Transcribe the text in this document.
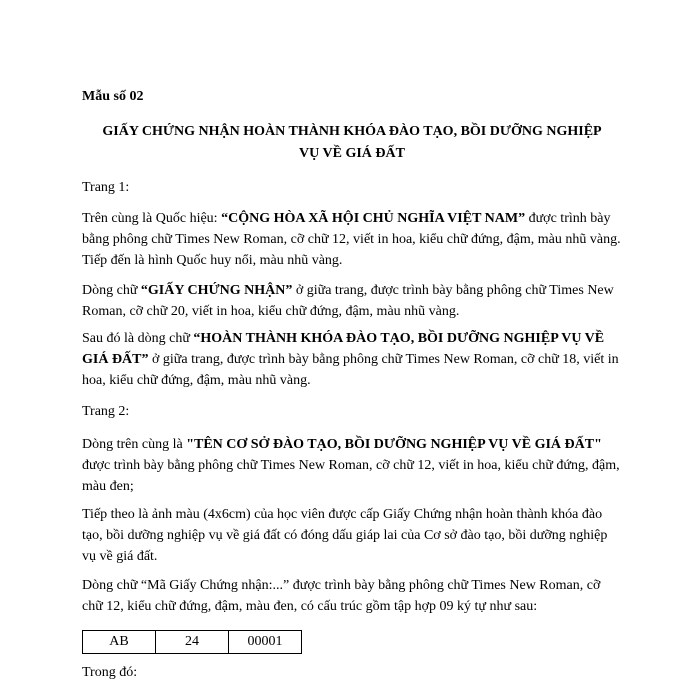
Mẫu số 02
GIẤY CHỨNG NHẬN HOÀN THÀNH KHÓA ĐÀO TẠO, BỒI DƯỠNG NGHIỆP
VỤ VỀ GIÁ ĐẤT

Trang 1:

Trên cùng là Quốc hiệu: “CỘNG HÒA XÃ HỘI CHỦ NGHĨA VIỆT NAM” được trình bày bằng phông chữ Times New Roman, cỡ chữ 12, viết in hoa, kiểu chữ đứng, đậm, màu nhũ vàng. Tiếp đến là hình Quốc huy nổi, màu nhũ vàng.

Dòng chữ “GIẤY CHỨNG NHẬN” ở giữa trang, được trình bày bằng phông chữ Times New Roman, cỡ chữ 20, viết in hoa, kiểu chữ đứng, đậm, màu nhũ vàng.

Sau đó là dòng chữ “HOÀN THÀNH KHÓA ĐÀO TẠO, BỒI DƯỠNG NGHIỆP VỤ VỀ GIÁ ĐẤT” ở giữa trang, được trình bày bằng phông chữ Times New Roman, cỡ chữ 18, viết in hoa, kiểu chữ đứng, đậm, màu nhũ vàng.

Trang 2:

Dòng trên cùng là "TÊN CƠ SỞ ĐÀO TẠO, BỒI DƯỠNG NGHIỆP VỤ VỀ GIÁ ĐẤT" được trình bày bằng phông chữ Times New Roman, cỡ chữ 12, viết in hoa, kiểu chữ đứng, đậm, màu đen;

Tiếp theo là ảnh màu (4x6cm) của học viên được cấp Giấy Chứng nhận hoàn thành khóa đào tạo, bồi dưỡng nghiệp vụ về giá đất có đóng dấu giáp lai của Cơ sở đào tạo, bồi dưỡng nghiệp vụ về giá đất.

Dòng chữ “Mã Giấy Chứng nhận:...” được trình bày bằng phông chữ Times New Roman, cỡ chữ 12, kiểu chữ đứng, đậm, màu đen, có cấu trúc gồm tập hợp 09 ký tự như sau:

AB	24	00001

Trong đó:
